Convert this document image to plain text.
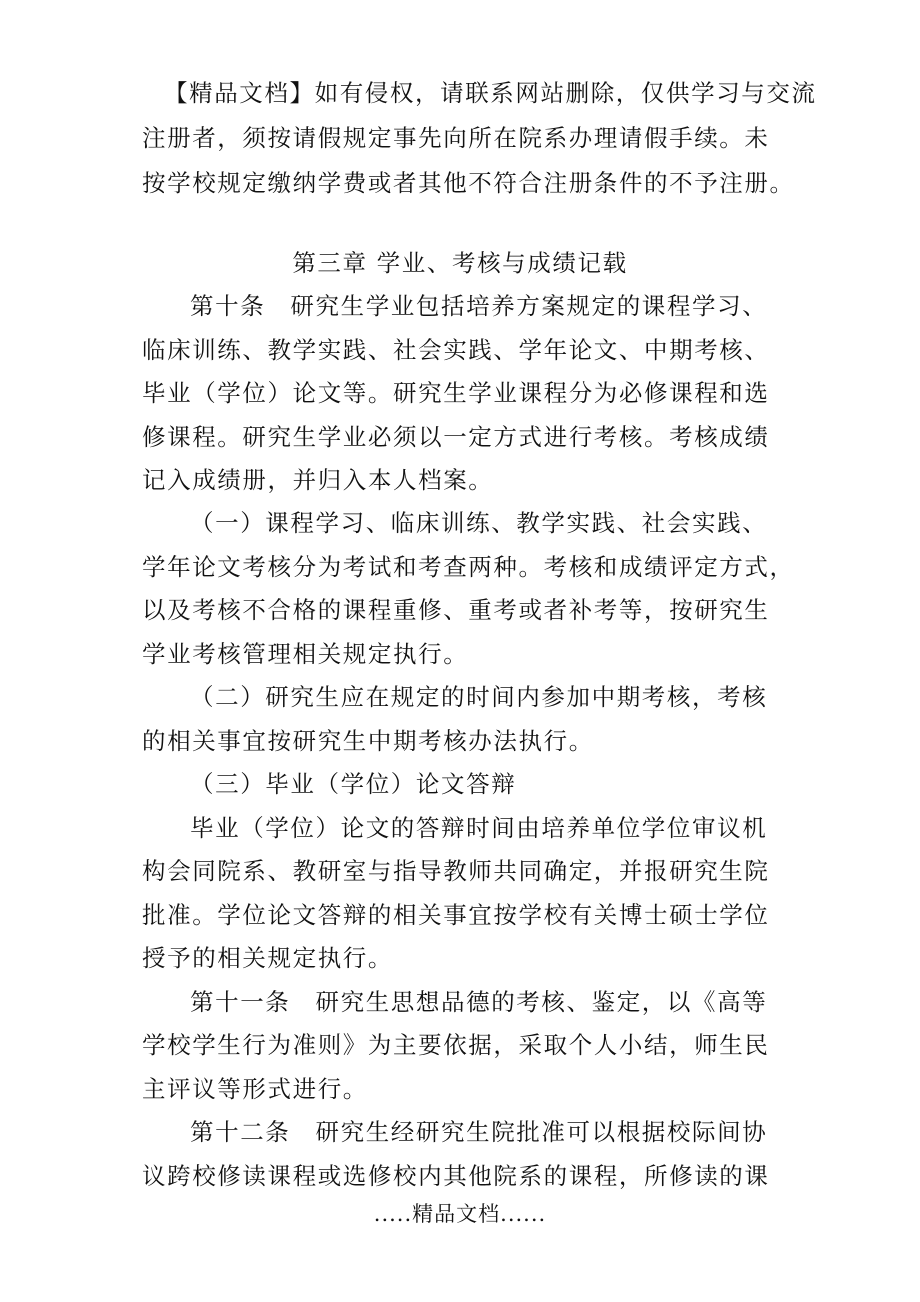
【精品文档】如有侵权，请联系网站删除，仅供学习与交流
注册者，须按请假规定事先向所在院系办理请假手续。未
按学校规定缴纳学费或者其他不符合注册条件的不予注册。
第三章 学业、考核与成绩记载
第十条　研究生学业包括培养方案规定的课程学习、
临床训练、教学实践、社会实践、学年论文、中期考核、
毕业（学位）论文等。研究生学业课程分为必修课程和选
修课程。研究生学业必须以一定方式进行考核。考核成绩
记入成绩册，并归入本人档案。
（一）课程学习、临床训练、教学实践、社会实践、
学年论文考核分为考试和考查两种。考核和成绩评定方式，
以及考核不合格的课程重修、重考或者补考等，按研究生
学业考核管理相关规定执行。
（二）研究生应在规定的时间内参加中期考核，考核
的相关事宜按研究生中期考核办法执行。
（三）毕业（学位）论文答辩
毕业（学位）论文的答辩时间由培养单位学位审议机
构会同院系、教研室与指导教师共同确定，并报研究生院
批准。学位论文答辩的相关事宜按学校有关博士硕士学位
授予的相关规定执行。
第十一条　研究生思想品德的考核、鉴定，以《高等
学校学生行为准则》为主要依据，采取个人小结，师生民
主评议等形式进行。
第十二条　研究生经研究生院批准可以根据校际间协
议跨校修读课程或选修校内其他院系的课程，所修读的课
.....精品文档......
